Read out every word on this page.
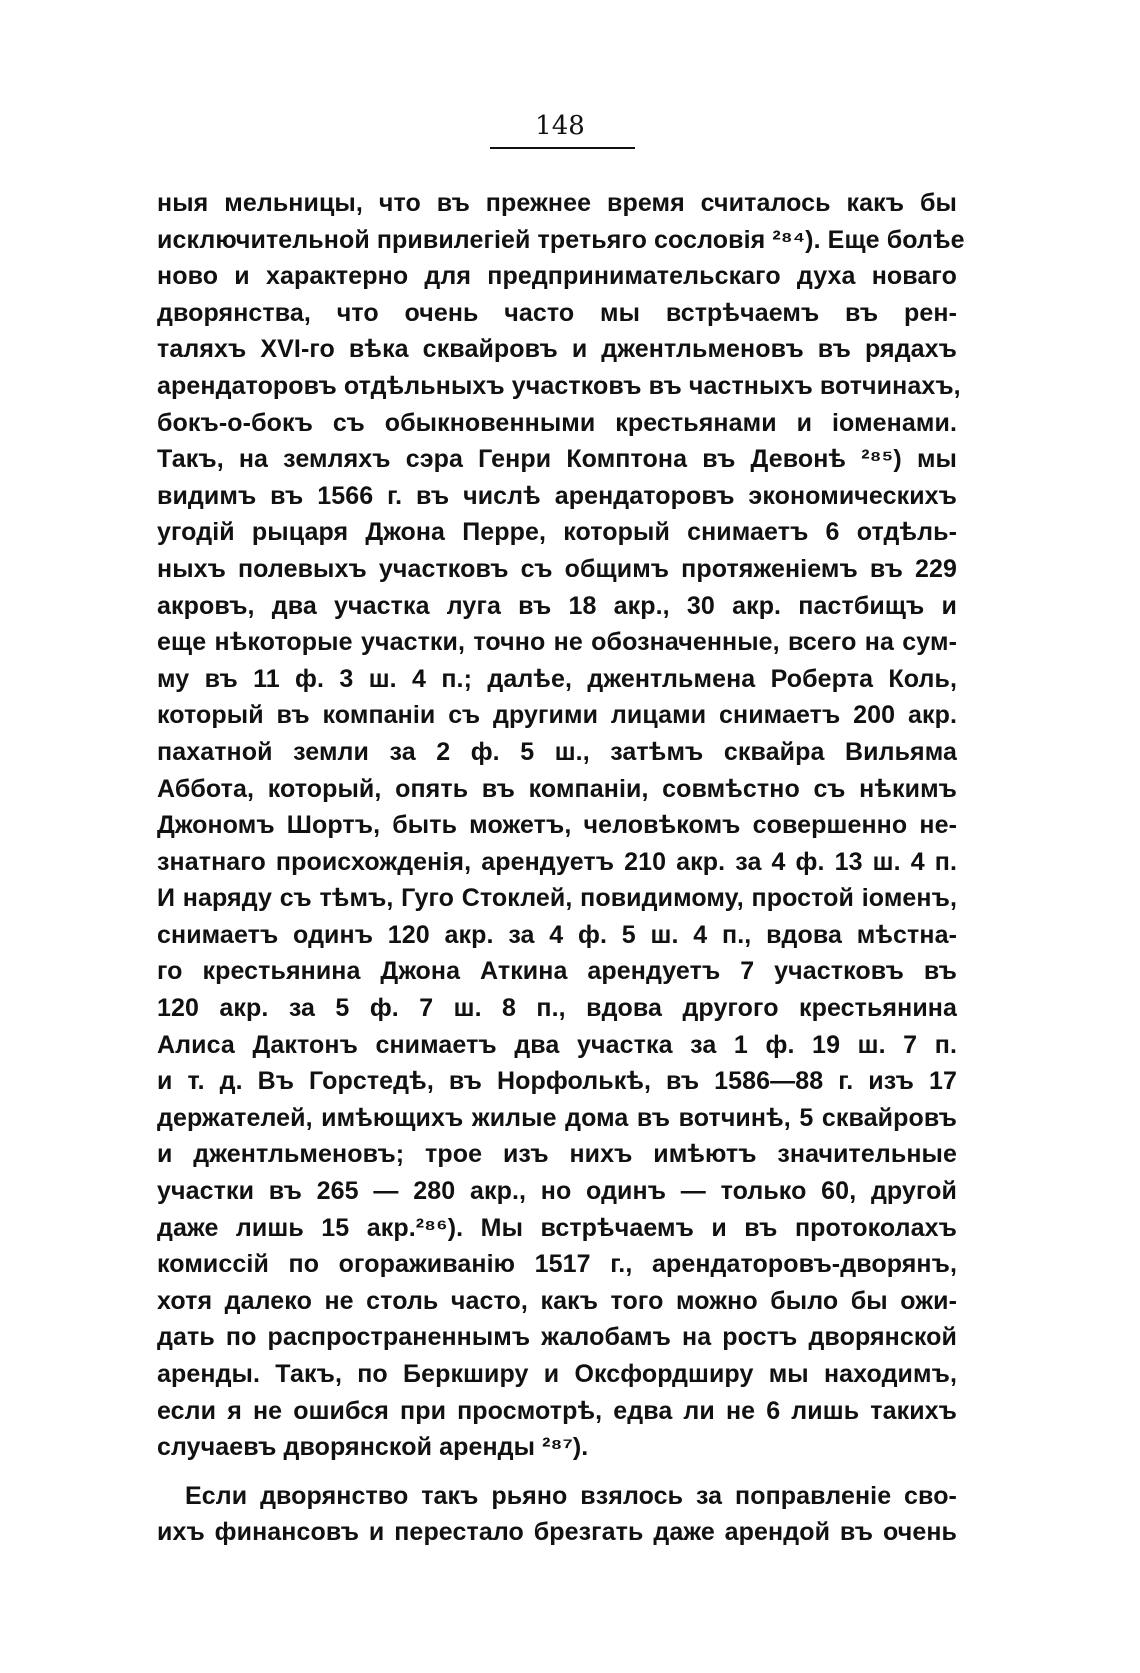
148
ныя мельницы, что въ прежнее время считалось какъ бы
исключительной привилегіей третьяго сословія ²⁸⁴). Еще болѣе
ново и характерно для предпринимательскаго духа новаго
дворянства, что очень часто мы встрѣчаемъ въ рен-
таляхъ XVI-го вѣка сквайровъ и джентльменовъ въ рядахъ
арендаторовъ отдѣльныхъ участковъ въ частныхъ вотчинахъ,
бокъ-о-бокъ съ обыкновенными крестьянами и іоменами.
Такъ, на земляхъ сэра Генри Комптона въ Девонѣ ²⁸⁵) мы
видимъ въ 1566 г. въ числѣ арендаторовъ экономическихъ
угодій рыцаря Джона Перре, который снимаетъ 6 отдѣль-
ныхъ полевыхъ участковъ съ общимъ протяженіемъ въ 229
акровъ, два участка луга въ 18 акр., 30 акр. пастбищъ и
еще нѣкоторые участки, точно не обозначенные, всего на сум-
му въ 11 ф. 3 ш. 4 п.; далѣе, джентльмена Роберта Коль,
который въ компаніи съ другими лицами снимаетъ 200 акр.
пахатной земли за 2 ф. 5 ш., затѣмъ сквайра Вильяма
Аббота, который, опять въ компаніи, совмѣстно съ нѣкимъ
Джономъ Шортъ, быть можетъ, человѣкомъ совершенно не-
знатнаго происхожденія, арендуетъ 210 акр. за 4 ф. 13 ш. 4 п.
И наряду съ тѣмъ, Гуго Стоклей, повидимому, простой іоменъ,
снимаетъ одинъ 120 акр. за 4 ф. 5 ш. 4 п., вдова мѣстна-
го крестьянина Джона Аткина арендуетъ 7 участковъ въ
120 акр. за 5 ф. 7 ш. 8 п., вдова другого крестьянина
Алиса Дактонъ снимаетъ два участка за 1 ф. 19 ш. 7 п.
и т. д. Въ Горстедѣ, въ Норфолькѣ, въ 1586—88 г. изъ 17
держателей, имѣющихъ жилые дома въ вотчинѣ, 5 сквайровъ
и джентльменовъ; трое изъ нихъ имѣютъ значительные
участки въ 265 — 280 акр., но одинъ — только 60, другой
даже лишь 15 акр.²⁸⁶). Мы встрѣчаемъ и въ протоколахъ
комиссій по огораживанію 1517 г., арендаторовъ-дворянъ,
хотя далеко не столь часто, какъ того можно было бы ожи-
дать по распространеннымъ жалобамъ на ростъ дворянской
аренды. Такъ, по Беркширу и Оксфордширу мы находимъ,
если я не ошибся при просмотрѣ, едва ли не 6 лишь такихъ
случаевъ дворянской аренды ²⁸⁷).
Если дворянство такъ рьяно взялось за поправленіе сво-
ихъ финансовъ и перестало брезгать даже арендой въ очень
